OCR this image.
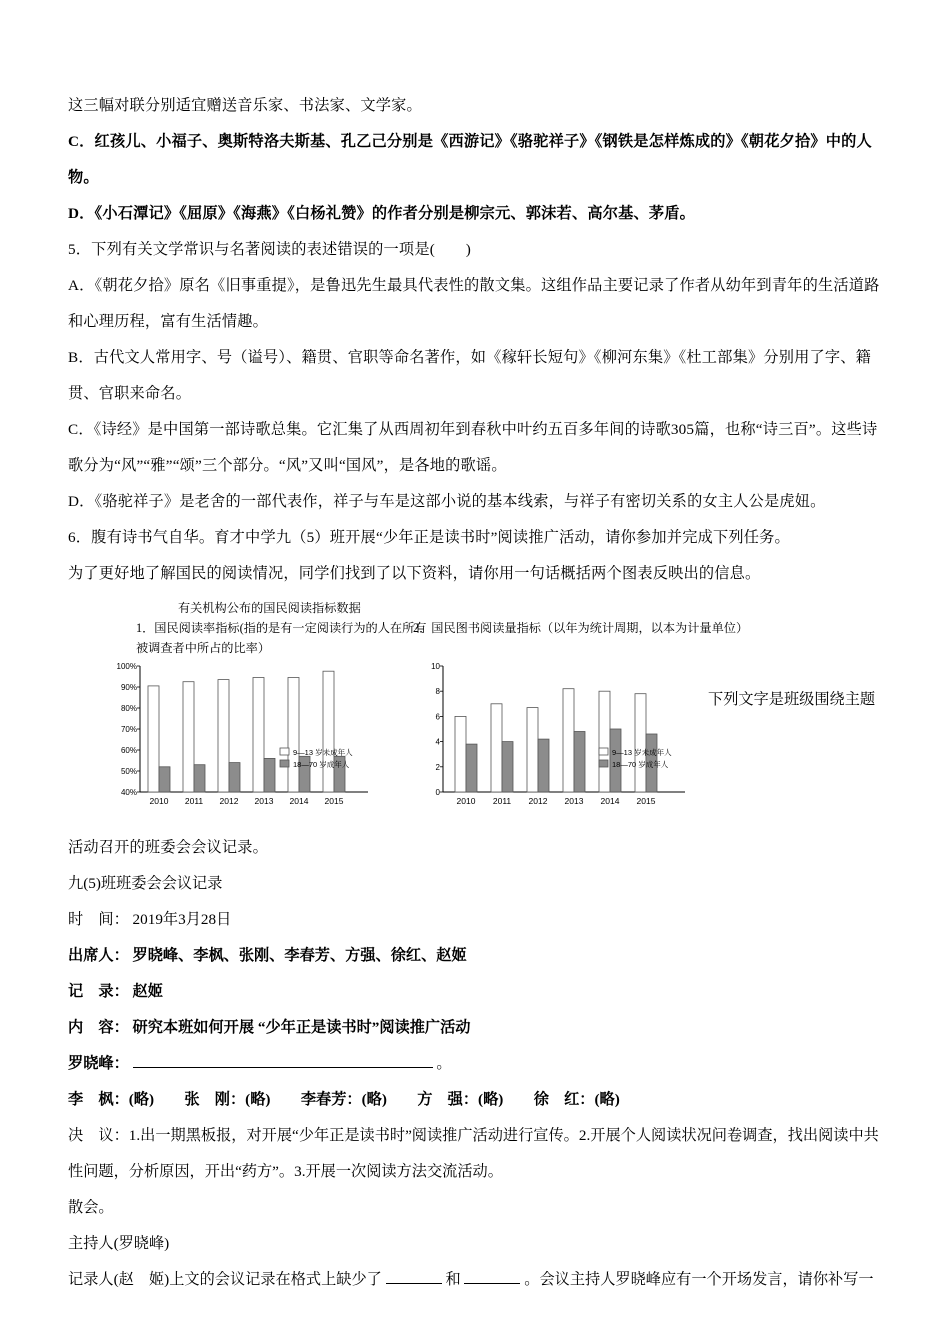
这三幅对联分别适宜赠送音乐家、书法家、文学家。

C．红孩儿、小福子、奥斯特洛夫斯基、孔乙己分别是《西游记》《骆驼祥子》《钢铁是怎样炼成的》《朝花夕拾》中的人物。

D．《小石潭记》《屈原》《海燕》《白杨礼赞》的作者分别是柳宗元、郭沫若、高尔基、茅盾。

5．下列有关文学常识与名著阅读的表述错误的一项是(　　)

A．《朝花夕拾》原名《旧事重提》，是鲁迅先生最具代表性的散文集。这组作品主要记录了作者从幼年到青年的生活道路和心理历程，富有生活情趣。

B．古代文人常用字、号（谥号）、籍贯、官职等命名著作，如《稼轩长短句》《柳河东集》《杜工部集》分别用了字、籍贯、官职来命名。

C．《诗经》是中国第一部诗歌总集。它汇集了从西周初年到春秋中叶约五百多年间的诗歌305篇，也称“诗三百”。这些诗歌分为“风”“雅”“颂”三个部分。“风”又叫“国风”，是各地的歌谣。

D．《骆驼祥子》是老舍的一部代表作，祥子与车是这部小说的基本线索，与祥子有密切关系的女主人公是虎妞。

6．腹有诗书气自华。育才中学九（5）班开展“少年正是读书时”阅读推广活动，请你参加并完成下列任务。

为了更好地了解国民的阅读情况，同学们找到了以下资料，请你用一句话概括两个图表反映出的信息。

有关机构公布的国民阅读指标数据
1．国民阅读率指标(指的是有一定阅读行为的人在所有被调查者中所占的比率）
2．国民图书阅读量指标（以年为统计周期，以本为计量单位）
100%
90%
80%
70%
60%
50%
40%
2010 2011 2012 2013 2014 2015
9—13 岁未成年人
18—70 岁成年人
10
8
6
4
2
0
2010 2011 2012 2013 2014 2015
9—13 岁未成年人
18—70 岁成年人
下列文字是班级围绕主题

活动召开的班委会会议记录。

九(5)班班委会会议记录

时　间： 2019年3月28日

出席人： 罗晓峰、李枫、张刚、李春芳、方强、徐红、赵姬

记　录： 赵姬

内　容： 研究本班如何开展 “少年正是读书时”阅读推广活动

罗晓峰：	。

李　枫：(略)　　张　刚：(略)　　李春芳：(略)　　方　强：(略)　　徐　红：(略)

决　议：1.出一期黑板报，对开展“少年正是读书时”阅读推广活动进行宣传。2.开展个人阅读状况问卷调查，找出阅读中共性问题，分析原因，开出“药方”。3.开展一次阅读方法交流活动。

散会。

主持人(罗晓峰)

记录人(赵　姬)上文的会议记录在格式上缺少了	和	。会议主持人罗晓峰应有一个开场发言，请你补写一
